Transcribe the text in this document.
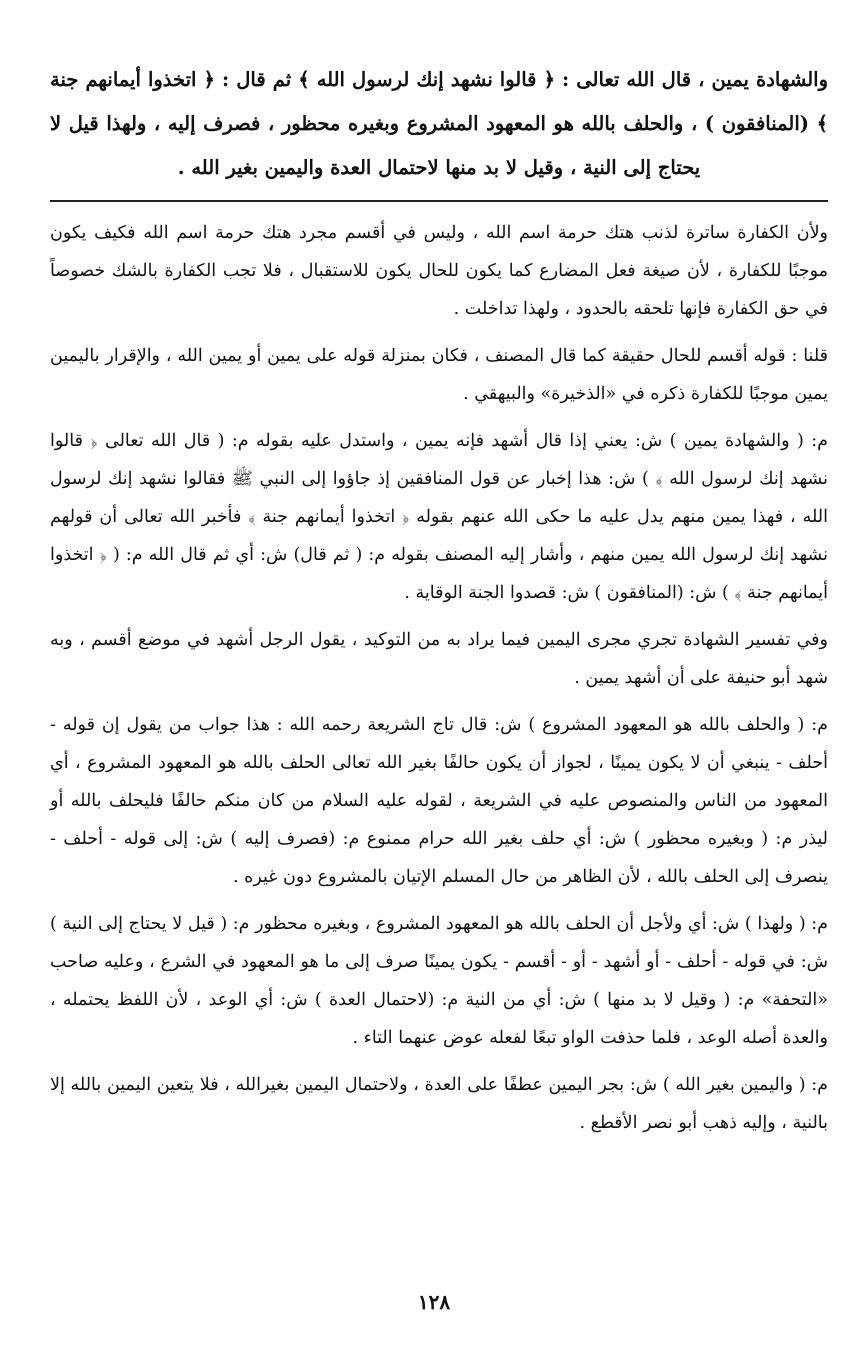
والشهادة يمين ، قال الله تعالى : ﴿ قالوا نشهد إنك لرسول الله ﴾ ثم قال : ﴿ اتخذوا أيمانهم جنة ﴾ (المنافقون ) ، والحلف بالله هو المعهود المشروع وبغيره محظور ، فصرف إليه ، ولهذا قيل لا يحتاج إلى النية ، وقيل لا بد منها لاحتمال العدة واليمين بغير الله .

ولأن الكفارة ساترة لذنب هتك حرمة اسم الله ، وليس في أقسم مجرد هتك حرمة اسم الله فكيف يكون موجبًا للكفارة ، لأن صيغة فعل المضارع كما يكون للحال يكون للاستقبال ، فلا تجب الكفارة بالشك خصوصاً في حق الكفارة فإنها تلحقه بالحدود ، ولهذا تداخلت .

قلنا : قوله أقسم للحال حقيقة كما قال المصنف ، فكان بمنزلة قوله على يمين أو يمين الله ، والإقرار باليمين يمين موجبًا للكفارة ذكره في «الذخيرة» والبيهقي .

م: ( والشهادة يمين ) ش: يعني إذا قال أشهد فإنه يمين ، واستدل عليه بقوله م: ( قال الله تعالى ﴿ قالوا نشهد إنك لرسول الله ﴾ ) ش: هذا إخبار عن قول المنافقين إذ جاؤوا إلى النبي ﷺ فقالوا نشهد إنك لرسول الله ، فهذا يمين منهم يدل عليه ما حكى الله عنهم بقوله ﴿ اتخذوا أيمانهم جنة ﴾ فأخبر الله تعالى أن قولهم نشهد إنك لرسول الله يمين منهم ، وأشار إليه المصنف بقوله م: ( ثم قال) ش: أي ثم قال الله م: ( ﴿ اتخذوا أيمانهم جنة ﴾ ) ش: (المنافقون ) ش: قصدوا الجنة الوقاية .

وفي تفسير الشهادة تجري مجرى اليمين فيما يراد به من التوكيد ، يقول الرجل أشهد في موضع أقسم ، وبه شهد أبو حنيفة على أن أشهد يمين .

م: ( والحلف بالله هو المعهود المشروع ) ش: قال تاج الشريعة رحمه الله : هذا جواب من يقول إن قوله - أحلف - ينبغي أن لا يكون يمينًا ، لجواز أن يكون حالفًا بغير الله تعالى الحلف بالله هو المعهود المشروع ، أي المعهود من الناس والمنصوص عليه في الشريعة ، لقوله عليه السلام من كان منكم حالفًا فليحلف بالله أو ليذر م: ( وبغيره محظور ) ش: أي حلف بغير الله حرام ممنوع م: (فصرف إليه ) ش: إلى قوله - أحلف - ينصرف إلى الحلف بالله ، لأن الظاهر من حال المسلم الإتيان بالمشروع دون غيره .

م: ( ولهذا ) ش: أي ولأجل أن الحلف بالله هو المعهود المشروع ، وبغيره محظور م: ( قيل لا يحتاج إلى النية ) ش: في قوله - أحلف - أو أشهد - أو - أقسم - يكون يمينًا صرف إلى ما هو المعهود في الشرع ، وعليه صاحب «التحفة» م: ( وقيل لا بد منها ) ش: أي من النية م: (لاحتمال العدة ) ش: أي الوعد ، لأن اللفظ يحتمله ، والعدة أصله الوعد ، فلما حذفت الواو تبعًا لفعله عوض عنهما التاء .

م: ( واليمين بغير الله ) ش: بجر اليمين عطفًا على العدة ، ولاحتمال اليمين بغيرالله ، فلا يتعين اليمين بالله إلا بالنية ، وإليه ذهب أبو نصر الأقطع .

١٢٨
